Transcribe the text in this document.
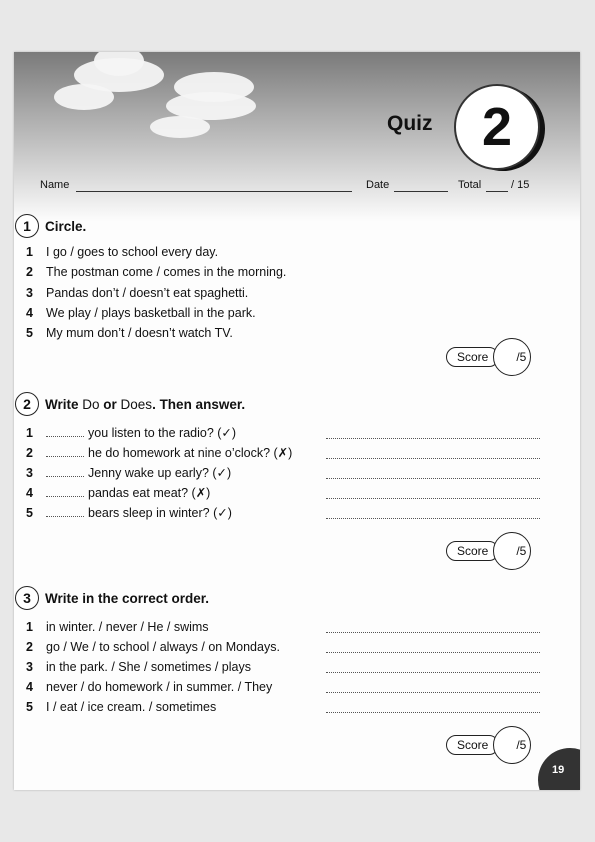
Quiz 2
Name	Date	Total	/ 15
1	Circle.
1 I go / goes to school every day.
2 The postman come / comes in the morning.
3 Pandas don’t / doesn’t eat spaghetti.
4 We play / plays basketball in the park.
5 My mum don’t / doesn’t watch TV.
Score	/5
2	Write Do or Does. Then answer.
1	you listen to the radio? (✓)
2	he do homework at nine o’clock? (✗)
3	Jenny wake up early? (✓)
4	pandas eat meat? (✗)
5	bears sleep in winter? (✓)
Score	/5
3	Write in the correct order.
1 in winter. / never / He / swims
2 go / We / to school / always / on Mondays.
3 in the park. / She / sometimes / plays
4 never / do homework / in summer. / They
5 I / eat / ice cream. / sometimes
Score	/5
19
